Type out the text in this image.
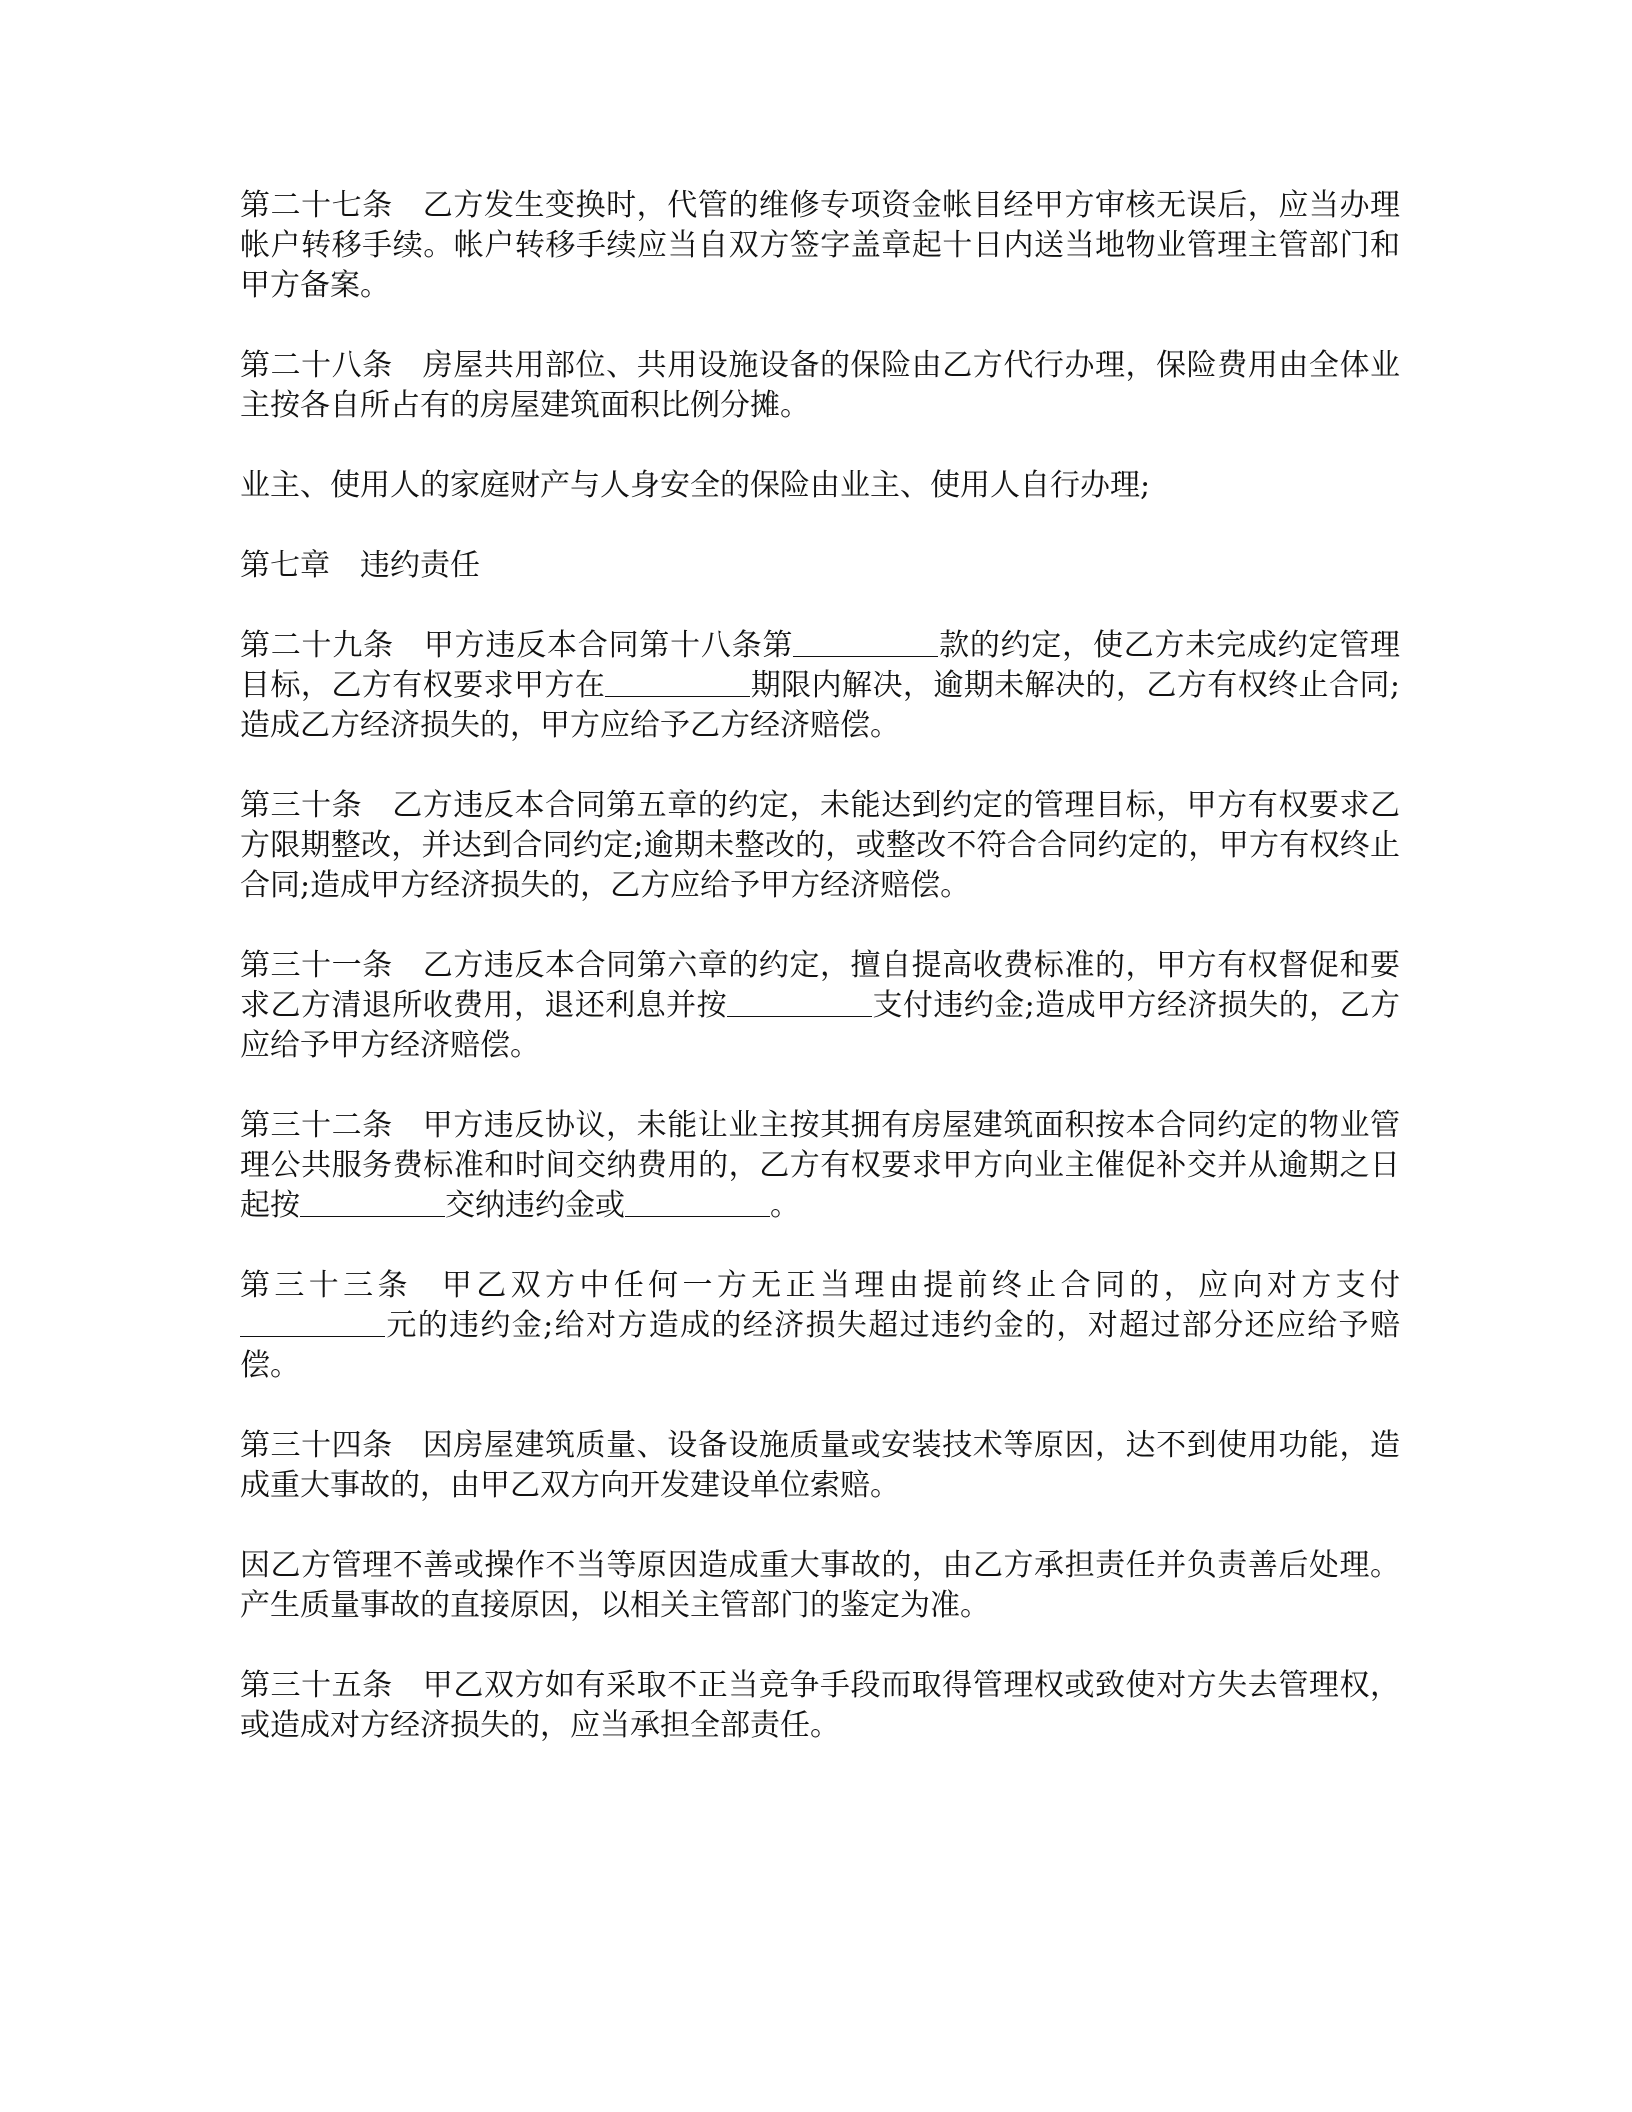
第二十七条 乙方发生变换时，代管的维修专项资金帐目经甲方审核无误后，应当办理帐户转移手续。帐户转移手续应当自双方签字盖章起十日内送当地物业管理主管部门和甲方备案。

第二十八条 房屋共用部位、共用设施设备的保险由乙方代行办理，保险费用由全体业主按各自所占有的房屋建筑面积比例分摊。

业主、使用人的家庭财产与人身安全的保险由业主、使用人自行办理;

第七章 违约责任

第二十九条 甲方违反本合同第十八条第	款的约定，使乙方未完成约定管理目标，乙方有权要求甲方在	期限内解决，逾期未解决的，乙方有权终止合同;造成乙方经济损失的，甲方应给予乙方经济赔偿。

第三十条 乙方违反本合同第五章的约定，未能达到约定的管理目标，甲方有权要求乙方限期整改，并达到合同约定;逾期未整改的，或整改不符合合同约定的，甲方有权终止合同;造成甲方经济损失的，乙方应给予甲方经济赔偿。

第三十一条 乙方违反本合同第六章的约定，擅自提高收费标准的，甲方有权督促和要求乙方清退所收费用，退还利息并按	支付违约金;造成甲方经济损失的，乙方应给予甲方经济赔偿。

第三十二条 甲方违反协议，未能让业主按其拥有房屋建筑面积按本合同约定的物业管理公共服务费标准和时间交纳费用的，乙方有权要求甲方向业主催促补交并从逾期之日起按	交纳违约金或	。

第三十三条 甲乙双方中任何一方无正当理由提前终止合同的，应向对方支付元的违约金;给对方造成的经济损失超过违约金的，对超过部分还应给予赔偿。

第三十四条 因房屋建筑质量、设备设施质量或安装技术等原因，达不到使用功能，造成重大事故的，由甲乙双方向开发建设单位索赔。

因乙方管理不善或操作不当等原因造成重大事故的，由乙方承担责任并负责善后处理。产生质量事故的直接原因，以相关主管部门的鉴定为准。

第三十五条 甲乙双方如有采取不正当竞争手段而取得管理权或致使对方失去管理权，或造成对方经济损失的，应当承担全部责任。
